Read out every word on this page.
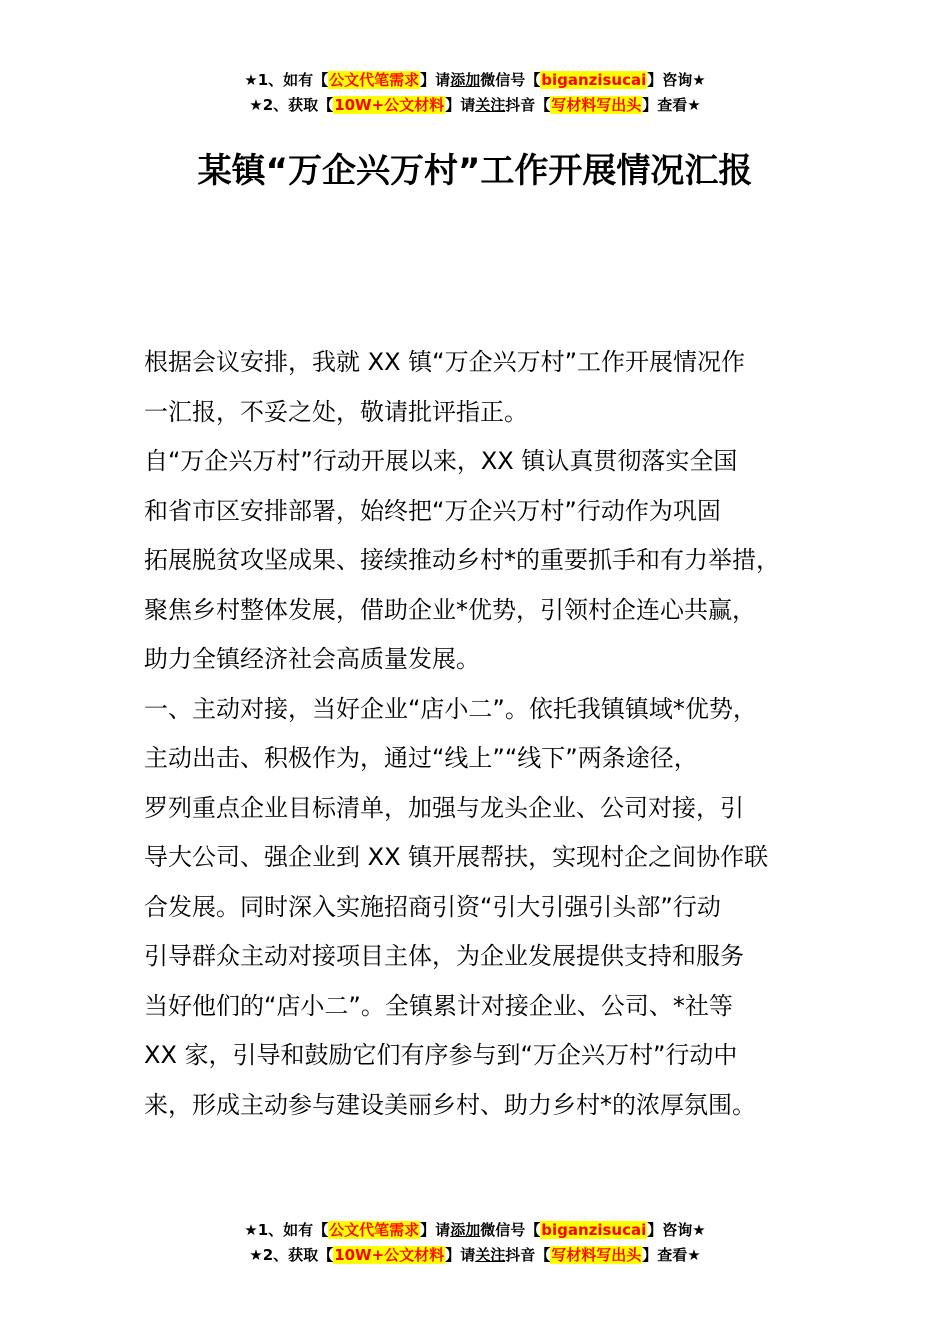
★1、如有【公文代笔需求】请添加微信号【biganzisucai】咨询★
★2、获取【10W+公文材料】请关注抖音【写材料写出头】查看★
某镇“万企兴万村”工作开展情况汇报
根据会议安排，我就 XX 镇“万企兴万村”工作开展情况作
一汇报，不妥之处，敬请批评指正。
自“万企兴万村”行动开展以来，XX 镇认真贯彻落实全国
和省市区安排部署，始终把“万企兴万村”行动作为巩固
拓展脱贫攻坚成果、接续推动乡村*的重要抓手和有力举措，
聚焦乡村整体发展，借助企业*优势，引领村企连心共赢，
助力全镇经济社会高质量发展。
一、主动对接，当好企业“店小二”。依托我镇镇域*优势，
主动出击、积极作为，通过“线上”“线下”两条途径，
罗列重点企业目标清单，加强与龙头企业、公司对接，引
导大公司、强企业到 XX 镇开展帮扶，实现村企之间协作联
合发展。同时深入实施招商引资“引大引强引头部”行动
引导群众主动对接项目主体，为企业发展提供支持和服务
当好他们的“店小二”。全镇累计对接企业、公司、*社等
XX 家，引导和鼓励它们有序参与到“万企兴万村”行动中
来，形成主动参与建设美丽乡村、助力乡村*的浓厚氛围。
★1、如有【公文代笔需求】请添加微信号【biganzisucai】咨询★
★2、获取【10W+公文材料】请关注抖音【写材料写出头】查看★
